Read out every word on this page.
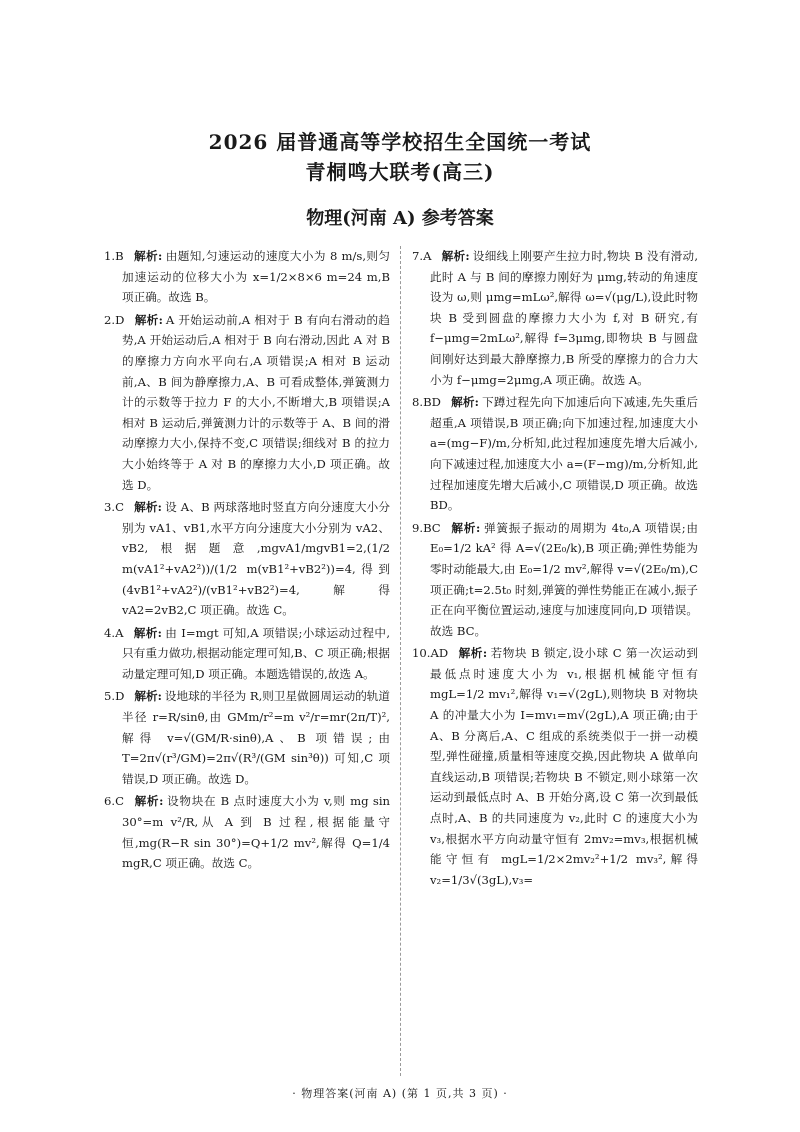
2026 届普通高等学校招生全国统一考试
青桐鸣大联考(高三)
物理(河南 A) 参考答案
1.B 解析: 由题知,匀速运动的速度大小为 8 m/s,则匀加速运动的位移大小为 x=1/2×8×6 m=24 m,B 项正确。故选 B。
2.D 解析: A 开始运动前,A 相对于 B 有向右滑动的趋势,A 开始运动后,A 相对于 B 向右滑动,因此 A 对 B 的摩擦力方向水平向右,A 项错误;A 相对 B 运动前,A、B 间为静摩擦力,A、B 可看成整体,弹簧测力计的示数等于拉力 F 的大小,不断增大,B 项错误;A 相对 B 运动后,弹簧测力计的示数等于 A、B 间的滑动摩擦力大小,保持不变,C 项错误;细线对 B 的拉力大小始终等于 A 对 B 的摩擦力大小,D 项正确。故选 D。
3.C 解析: 设 A、B 两球落地时竖直方向分速度大小分别为 vA1、vB1,水平方向分速度大小分别为 vA2、vB2,根据题意,mgvA1/mgvB1=2,(1/2 m(vA1²+vA2²))/(1/2 m(vB1²+vB2²))=4,得到 (4vB1²+vA2²)/(vB1²+vB2²)=4,解得 vA2=2vB2,C 项正确。故选 C。
4.A 解析: 由 I=mgt 可知,A 项错误;小球运动过程中,只有重力做功,根据动能定理可知,B、C 项正确;根据动量定理可知,D 项正确。本题选错误的,故选 A。
5.D 解析: 设地球的半径为 R,则卫星做圆周运动的轨道半径 r=R/sinθ,由 GMm/r²=m v²/r=mr(2π/T)²,解得 v=√(GM/R·sinθ),A、B 项错误;由 T=2π√(r³/GM)=2π√(R³/(GM sin³θ)) 可知,C 项错误,D 项正确。故选 D。
6.C 解析: 设物块在 B 点时速度大小为 v,则 mg sin 30°=m v²/R,从 A 到 B 过程,根据能量守恒,mg(R−R sin 30°)=Q+1/2 mv²,解得 Q=1/4 mgR,C 项正确。故选 C。
7.A 解析: 设细线上刚要产生拉力时,物块 B 没有滑动,此时 A 与 B 间的摩擦力刚好为 μmg,转动的角速度设为 ω,则 μmg=mLω²,解得 ω=√(μg/L),设此时物块 B 受到圆盘的摩擦力大小为 f,对 B 研究,有 f−μmg=2mLω²,解得 f=3μmg,即物块 B 与圆盘间刚好达到最大静摩擦力,B 所受的摩擦力的合力大小为 f−μmg=2μmg,A 项正确。故选 A。
8.BD 解析: 下蹲过程先向下加速后向下减速,先失重后超重,A 项错误,B 项正确;向下加速过程,加速度大小 a=(mg−F)/m,分析知,此过程加速度先增大后减小,向下减速过程,加速度大小 a=(F−mg)/m,分析知,此过程加速度先增大后减小,C 项错误,D 项正确。故选 BD。
9.BC 解析: 弹簧振子振动的周期为 4t₀,A 项错误;由 E₀=1/2 kA² 得 A=√(2E₀/k),B 项正确;弹性势能为零时动能最大,由 E₀=1/2 mv²,解得 v=√(2E₀/m),C 项正确;t=2.5t₀ 时刻,弹簧的弹性势能正在减小,振子正在向平衡位置运动,速度与加速度同向,D 项错误。故选 BC。
10.AD 解析: 若物块 B 锁定,设小球 C 第一次运动到最低点时速度大小为 v₁,根据机械能守恒有 mgL=1/2 mv₁²,解得 v₁=√(2gL),则物块 B 对物块 A 的冲量大小为 I=mv₁=m√(2gL),A 项正确;由于 A、B 分离后,A、C 组成的系统类似于一拼一动模型,弹性碰撞,质量相等速度交换,因此物块 A 做单向直线运动,B 项错误;若物块 B 不锁定,则小球第一次运动到最低点时 A、B 开始分离,设 C 第一次到最低点时,A、B 的共同速度为 v₂,此时 C 的速度大小为 v₃,根据水平方向动量守恒有 2mv₂=mv₃,根据机械能守恒有 mgL=1/2×2mv₂²+1/2 mv₃²,解得 v₂=1/3√(3gL),v₃=
· 物理答案(河南 A) (第 1 页,共 3 页) ·
